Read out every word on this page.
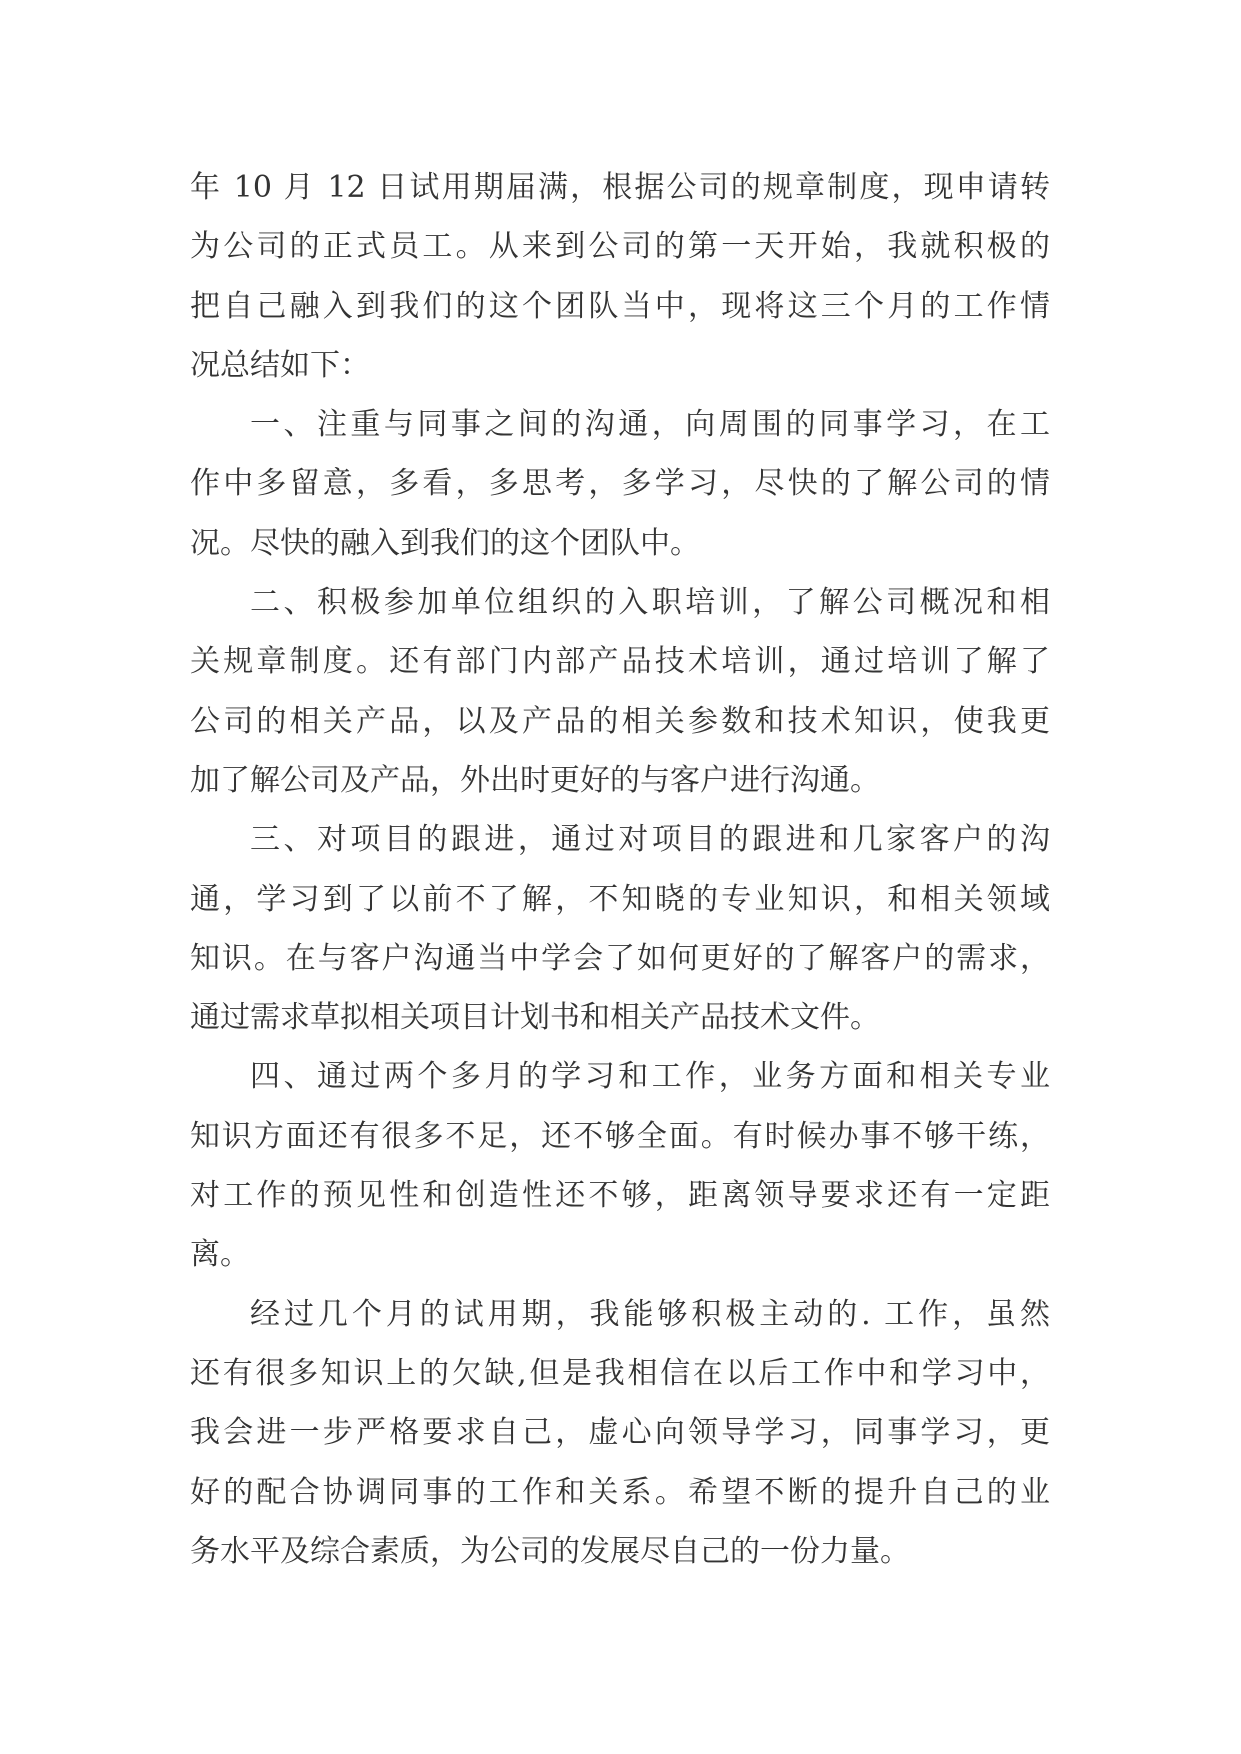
年 10 月 12 日试用期届满，根据公司的规章制度，现申请转
为公司的正式员工。从来到公司的第一天开始，我就积极的
把自己融入到我们的这个团队当中，现将这三个月的工作情
况总结如下：
一、注重与同事之间的沟通，向周围的同事学习，在工
作中多留意，多看，多思考，多学习，尽快的了解公司的情
况。尽快的融入到我们的这个团队中。
二、积极参加单位组织的入职培训，了解公司概况和相
关规章制度。还有部门内部产品技术培训，通过培训了解了
公司的相关产品，以及产品的相关参数和技术知识，使我更
加了解公司及产品，外出时更好的与客户进行沟通。
三、对项目的跟进，通过对项目的跟进和几家客户的沟
通，学习到了以前不了解，不知晓的专业知识，和相关领域
知识。在与客户沟通当中学会了如何更好的了解客户的需求，
通过需求草拟相关项目计划书和相关产品技术文件。
四、通过两个多月的学习和工作，业务方面和相关专业
知识方面还有很多不足，还不够全面。有时候办事不够干练，
对工作的预见性和创造性还不够，距离领导要求还有一定距
离。
经过几个月的试用期，我能够积极主动的. 工作，虽然
还有很多知识上的欠缺,但是我相信在以后工作中和学习中，
我会进一步严格要求自己，虚心向领导学习，同事学习，更
好的配合协调同事的工作和关系。希望不断的提升自己的业
务水平及综合素质，为公司的发展尽自己的一份力量。
